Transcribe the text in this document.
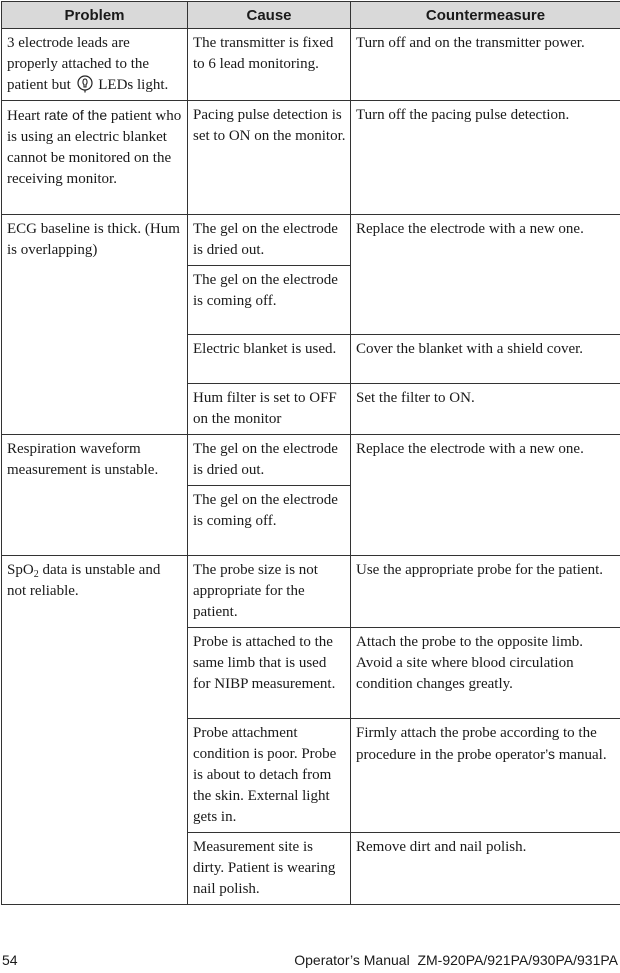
Problem	Cause	Countermeasure
3 electrode leads are properly attached to the patient but LEDs light.	The transmitter is fixed to 6 lead monitoring.	Turn off and on the transmitter power.
Heart rate of the patient who is using an electric blanket cannot be monitored on the receiving monitor.	Pacing pulse detection is set to ON on the monitor.	Turn off the pacing pulse detection.
ECG baseline is thick. (Hum is overlapping)	The gel on the electrode is dried out.	Replace the electrode with a new one.
	The gel on the electrode is coming off.	
	Electric blanket is used.	Cover the blanket with a shield cover.
	Hum filter is set to OFF on the monitor	Set the filter to ON.
Respiration waveform measurement is unstable.	The gel on the electrode is dried out.	Replace the electrode with a new one.
	The gel on the electrode is coming off.	
SpO$_2$ data is unstable and not reliable.	The probe size is not appropriate for the patient.	Use the appropriate probe for the patient.
	Probe is attached to the same limb that is used for NIBP measurement.	Attach the probe to the opposite limb. Avoid a site where blood circulation condition changes greatly.
	Probe attachment condition is poor. Probe is about to detach from the skin. External light gets in.	Firmly attach the probe according to the procedure in the probe operator’s manual.
	Measurement site is dirty. Patient is wearing nail polish.	Remove dirt and nail polish.
54	Operator’s Manual  ZM-920PA/921PA/930PA/931PA
